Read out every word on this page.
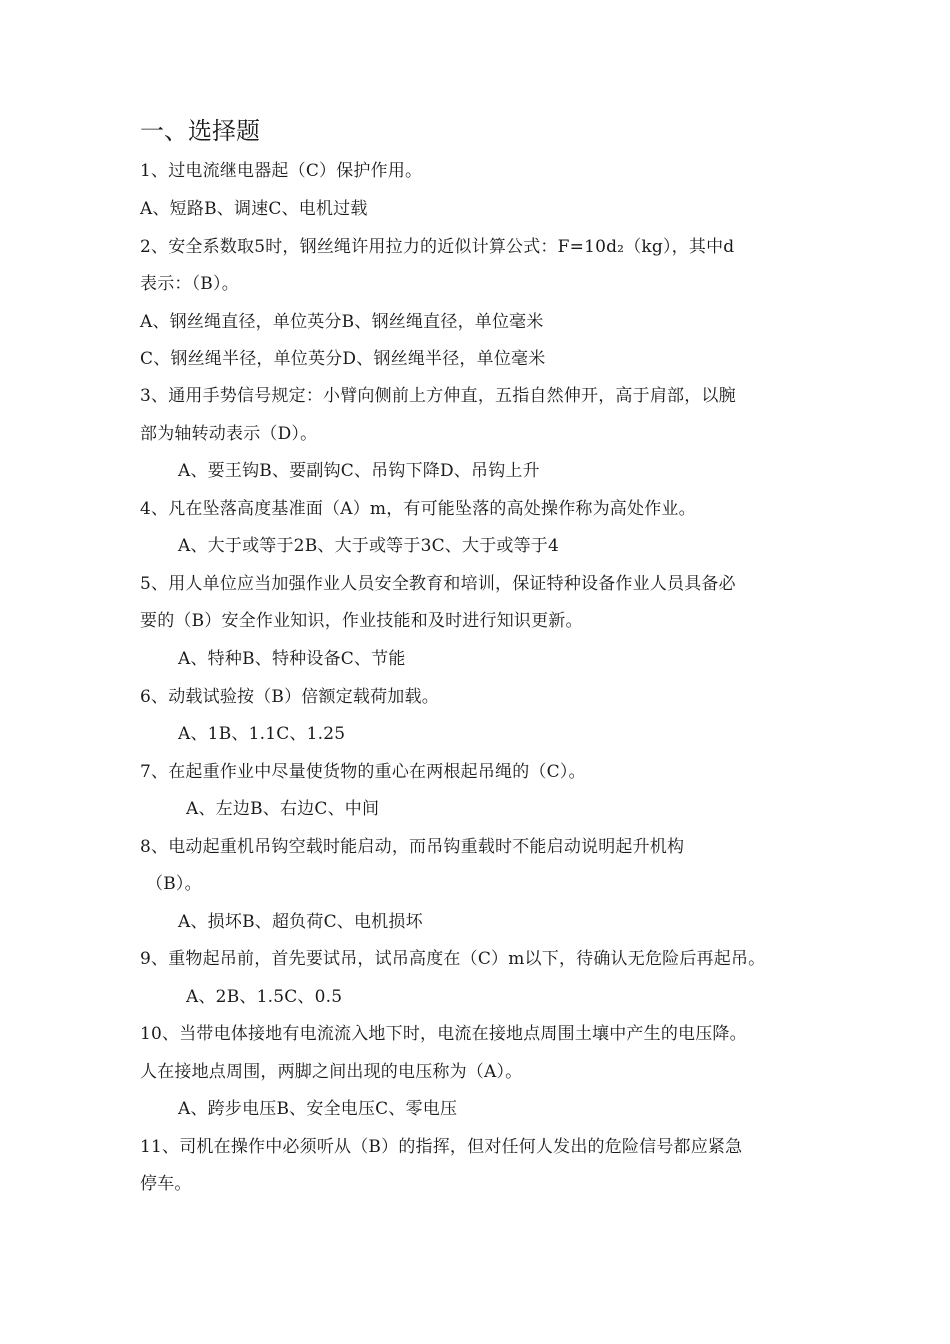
一、选择题
1、过电流继电器起（C）保护作用。
A、短路B、调速C、电机过载
2、安全系数取5时，钢丝绳许用拉力的近似计算公式：F=10d₂（kg），其中d
表示：（B）。
A、钢丝绳直径，单位英分B、钢丝绳直径，单位毫米
C、钢丝绳半径，单位英分D、钢丝绳半径，单位毫米
3、通用手势信号规定：小臂向侧前上方伸直，五指自然伸开，高于肩部，以腕
部为轴转动表示（D）。
A、要王钩B、要副钩C、吊钩下降D、吊钩上升
4、凡在坠落高度基准面（A）m，有可能坠落的高处操作称为高处作业。
A、大于或等于2B、大于或等于3C、大于或等于4
5、用人单位应当加强作业人员安全教育和培训，保证特种设备作业人员具备必
要的（B）安全作业知识，作业技能和及时进行知识更新。
A、特种B、特种设备C、节能
6、动载试验按（B）倍额定载荷加载。
A、1B、1.1C、1.25
7、在起重作业中尽量使货物的重心在两根起吊绳的（C）。
A、左边B、右边C、中间
8、电动起重机吊钩空载时能启动，而吊钩重载时不能启动说明起升机构
（B）。
A、损坏B、超负荷C、电机损坏
9、重物起吊前，首先要试吊，试吊高度在（C）m以下，待确认无危险后再起吊。
A、2B、1.5C、0.5
10、当带电体接地有电流流入地下时，电流在接地点周围土壤中产生的电压降。
人在接地点周围，两脚之间出现的电压称为（A）。
A、跨步电压B、安全电压C、零电压
11、司机在操作中必须听从（B）的指挥，但对任何人发出的危险信号都应紧急
停车。
